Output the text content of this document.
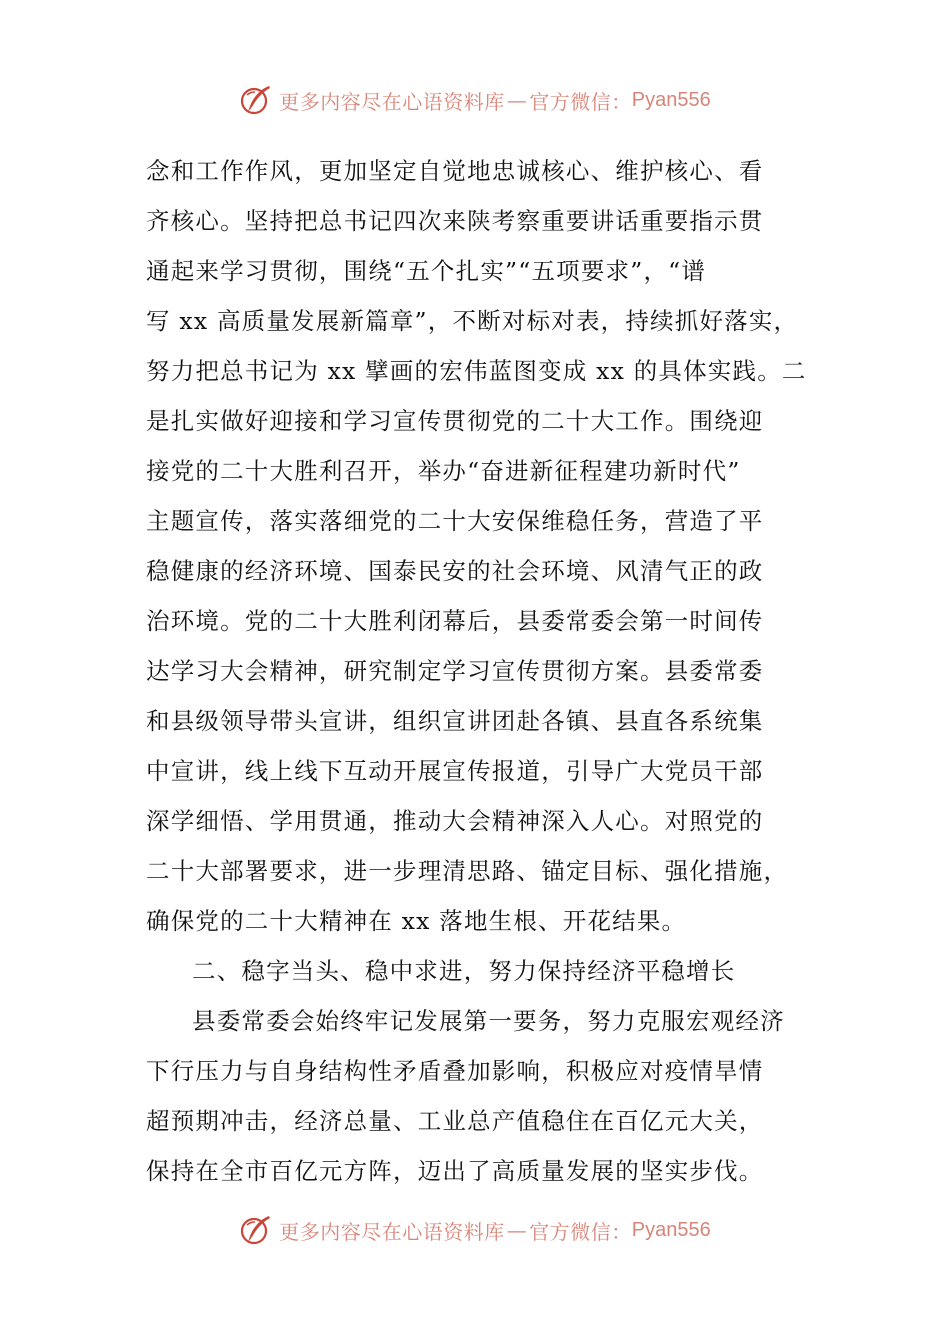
更多内容尽在心语资料库 — 官方微信： Pyan556
念和工作作风，更加坚定自觉地忠诚核心、维护核心、看
齐核心。坚持把总书记四次来陕考察重要讲话重要指示贯
通起来学习贯彻，围绕“五个扎实”“五项要求”，“谱
写 xx 高质量发展新篇章”，不断对标对表，持续抓好落实，
努力把总书记为 xx 擘画的宏伟蓝图变成 xx 的具体实践。二
是扎实做好迎接和学习宣传贯彻党的二十大工作。围绕迎
接党的二十大胜利召开，举办“奋进新征程建功新时代”
主题宣传，落实落细党的二十大安保维稳任务，营造了平
稳健康的经济环境、国泰民安的社会环境、风清气正的政
治环境。党的二十大胜利闭幕后，县委常委会第一时间传
达学习大会精神，研究制定学习宣传贯彻方案。县委常委
和县级领导带头宣讲，组织宣讲团赴各镇、县直各系统集
中宣讲，线上线下互动开展宣传报道，引导广大党员干部
深学细悟、学用贯通，推动大会精神深入人心。对照党的
二十大部署要求，进一步理清思路、锚定目标、强化措施，
确保党的二十大精神在 xx 落地生根、开花结果。
二、稳字当头、稳中求进，努力保持经济平稳增长
县委常委会始终牢记发展第一要务，努力克服宏观经济
下行压力与自身结构性矛盾叠加影响，积极应对疫情旱情
超预期冲击，经济总量、工业总产值稳住在百亿元大关，
保持在全市百亿元方阵，迈出了高质量发展的坚实步伐。
更多内容尽在心语资料库 — 官方微信： Pyan556
